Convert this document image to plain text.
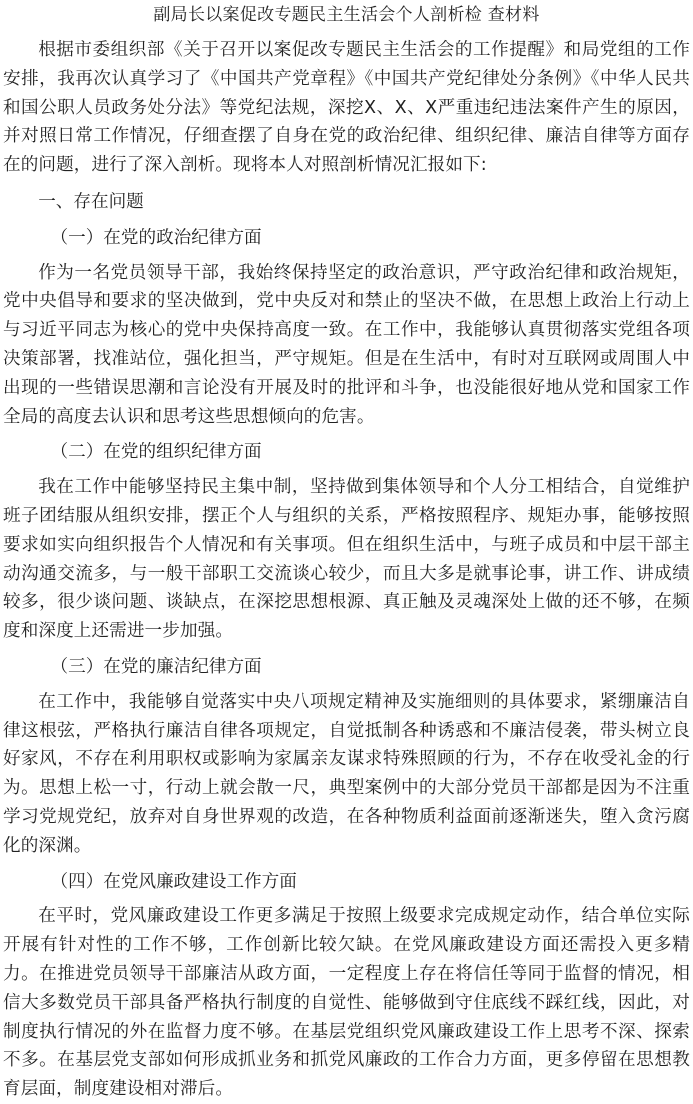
副局长以案促改专题民主生活会个人剖析检 查材料

根据市委组织部《关于召开以案促改专题民主生活会的工作提醒》和局党组的工作安排，我再次认真学习了《中国共产党章程》《中国共产党纪律处分条例》《中华人民共和国公职人员政务处分法》等党纪法规，深挖X、X、X严重违纪违法案件产生的原因，并对照日常工作情况，仔细查摆了自身在党的政治纪律、组织纪律、廉洁自律等方面存在的问题，进行了深入剖析。现将本人对照剖析情况汇报如下:

一、存在问题
（一）在党的政治纪律方面

作为一名党员领导干部，我始终保持坚定的政治意识，严守政治纪律和政治规矩，党中央倡导和要求的坚决做到，党中央反对和禁止的坚决不做，在思想上政治上行动上与习近平同志为核心的党中央保持高度一致。在工作中，我能够认真贯彻落实党组各项决策部署，找准站位，强化担当，严守规矩。但是在生活中，有时对互联网或周围人中出现的一些错误思潮和言论没有开展及时的批评和斗争，也没能很好地从党和国家工作全局的高度去认识和思考这些思想倾向的危害。

（二）在党的组织纪律方面

我在工作中能够坚持民主集中制，坚持做到集体领导和个人分工相结合，自觉维护班子团结服从组织安排，摆正个人与组织的关系，严格按照程序、规矩办事，能够按照要求如实向组织报告个人情况和有关事项。但在组织生活中，与班子成员和中层干部主动沟通交流多，与一般干部职工交流谈心较少，而且大多是就事论事，讲工作、讲成绩较多，很少谈问题、谈缺点，在深挖思想根源、真正触及灵魂深处上做的还不够，在频度和深度上还需进一步加强。

（三）在党的廉洁纪律方面

在工作中，我能够自觉落实中央八项规定精神及实施细则的具体要求，紧绷廉洁自律这根弦，严格执行廉洁自律各项规定，自觉抵制各种诱惑和不廉洁侵袭，带头树立良好家风，不存在利用职权或影响为家属亲友谋求特殊照顾的行为，不存在收受礼金的行为。思想上松一寸，行动上就会散一尺，典型案例中的大部分党员干部都是因为不注重学习党规党纪，放弃对自身世界观的改造，在各种物质利益面前逐渐迷失，堕入贪污腐化的深渊。

（四）在党风廉政建设工作方面

在平时，党风廉政建设工作更多满足于按照上级要求完成规定动作，结合单位实际开展有针对性的工作不够，工作创新比较欠缺。在党风廉政建设方面还需投入更多精力。在推进党员领导干部廉洁从政方面，一定程度上存在将信任等同于监督的情况，相信大多数党员干部具备严格执行制度的自觉性、能够做到守住底线不踩红线，因此，对制度执行情况的外在监督力度不够。在基层党组织党风廉政建设工作上思考不深、探索不多。在基层党支部如何形成抓业务和抓党风廉政的工作合力方面，更多停留在思想教育层面，制度建设相对滞后。
